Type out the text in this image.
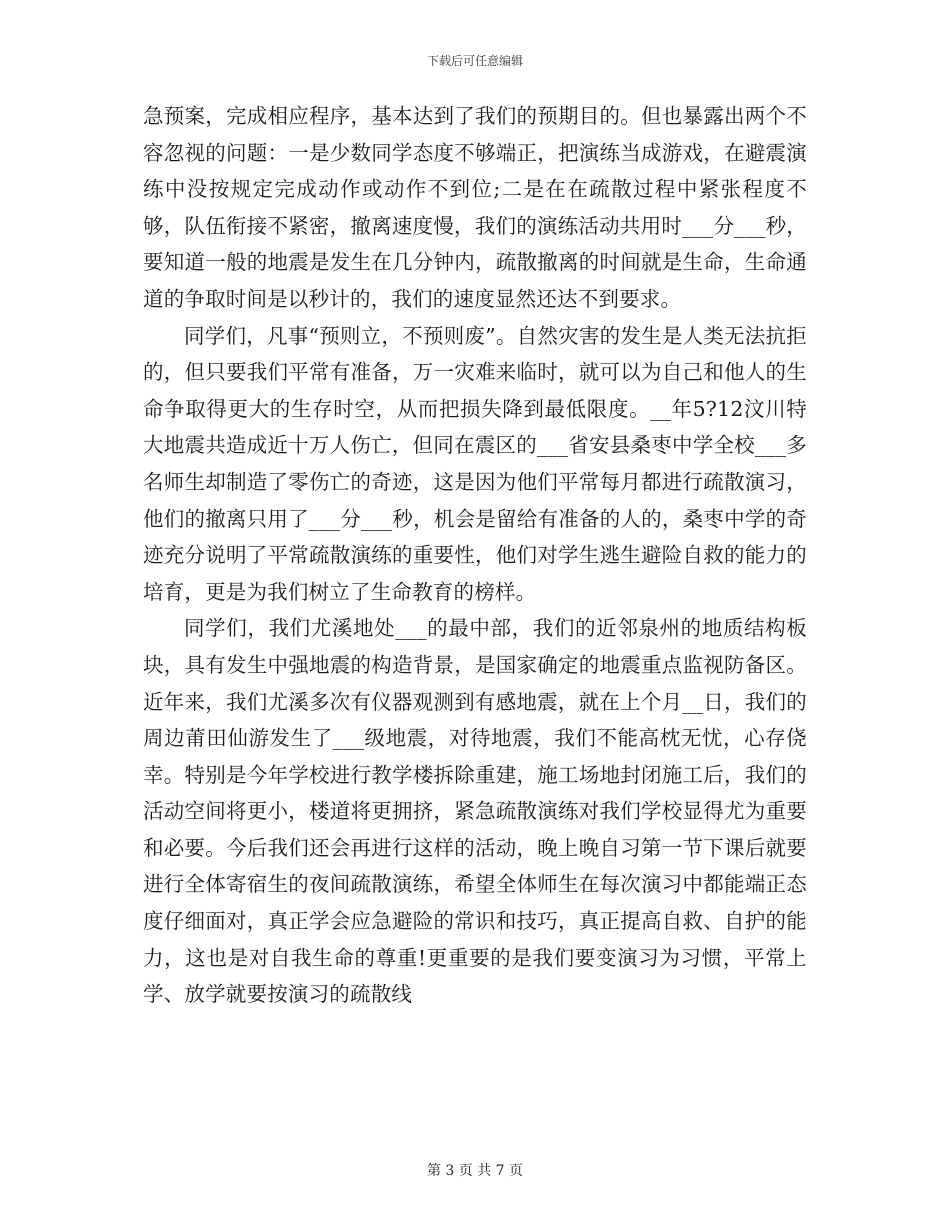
下载后可任意编辑

急预案，完成相应程序，基本达到了我们的预期目的。但也暴露出两个不容忽视的问题：一是少数同学态度不够端正，把演练当成游戏，在避震演练中没按规定完成动作或动作不到位;二是在在疏散过程中紧张程度不够，队伍衔接不紧密，撤离速度慢，我们的演练活动共用时___分___秒，要知道一般的地震是发生在几分钟内，疏散撤离的时间就是生命，生命通道的争取时间是以秒计的，我们的速度显然还达不到要求。

同学们，凡事“预则立，不预则废”。自然灾害的发生是人类无法抗拒的，但只要我们平常有准备，万一灾难来临时，就可以为自己和他人的生命争取得更大的生存时空，从而把损失降到最低限度。__年5?12汶川特大地震共造成近十万人伤亡，但同在震区的___省安县桑枣中学全校___多名师生却制造了零伤亡的奇迹，这是因为他们平常每月都进行疏散演习，他们的撤离只用了___分___秒，机会是留给有准备的人的，桑枣中学的奇迹充分说明了平常疏散演练的重要性，他们对学生逃生避险自救的能力的培育，更是为我们树立了生命教育的榜样。

同学们，我们尤溪地处___的最中部，我们的近邻泉州的地质结构板块，具有发生中强地震的构造背景，是国家确定的地震重点监视防备区。近年来，我们尤溪多次有仪器观测到有感地震，就在上个月__日，我们的周边莆田仙游发生了___级地震，对待地震，我们不能高枕无忧，心存侥幸。特别是今年学校进行教学楼拆除重建，施工场地封闭施工后，我们的活动空间将更小，楼道将更拥挤，紧急疏散演练对我们学校显得尤为重要和必要。今后我们还会再进行这样的活动，晚上晚自习第一节下课后就要进行全体寄宿生的夜间疏散演练，希望全体师生在每次演习中都能端正态度仔细面对，真正学会应急避险的常识和技巧，真正提高自救、自护的能力，这也是对自我生命的尊重!更重要的是我们要变演习为习惯，平常上学、放学就要按演习的疏散线

第 3 页 共 7 页
